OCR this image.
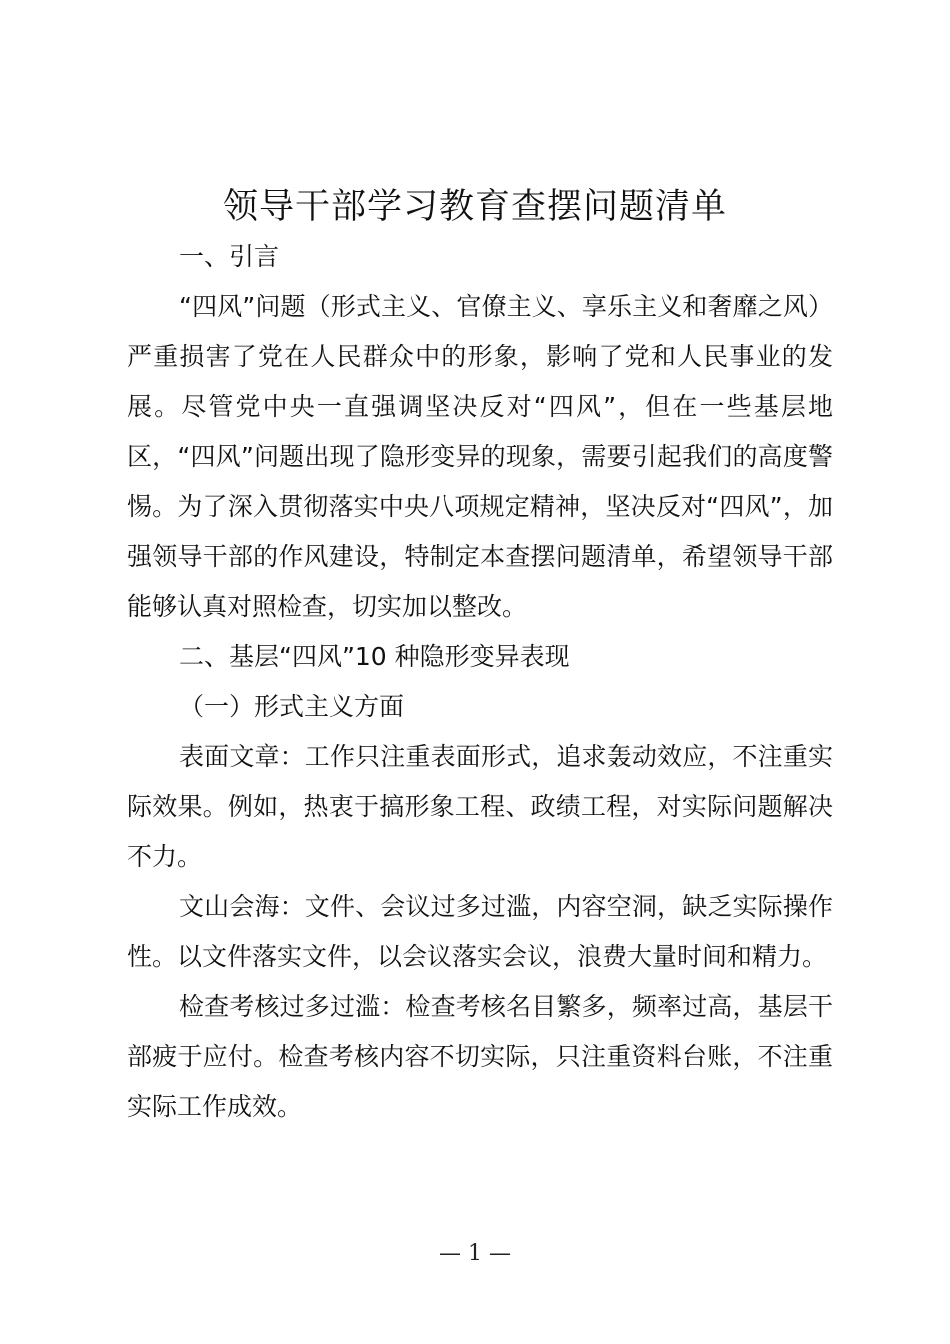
领导干部学习教育查摆问题清单

一、引言

“四风”问题（形式主义、官僚主义、享乐主义和奢靡之风）严重损害了党在人民群众中的形象，影响了党和人民事业的发展。尽管党中央一直强调坚决反对“四风”，但在一些基层地区，“四风”问题出现了隐形变异的现象，需要引起我们的高度警惕。为了深入贯彻落实中央八项规定精神，坚决反对“四风”，加强领导干部的作风建设，特制定本查摆问题清单，希望领导干部能够认真对照检查，切实加以整改。

二、基层“四风”10 种隐形变异表现

（一）形式主义方面

表面文章：工作只注重表面形式，追求轰动效应，不注重实际效果。例如，热衷于搞形象工程、政绩工程，对实际问题解决不力。

文山会海：文件、会议过多过滥，内容空洞，缺乏实际操作性。以文件落实文件，以会议落实会议，浪费大量时间和精力。

检查考核过多过滥：检查考核名目繁多，频率过高，基层干部疲于应付。检查考核内容不切实际，只注重资料台账，不注重实际工作成效。

— 1 —
